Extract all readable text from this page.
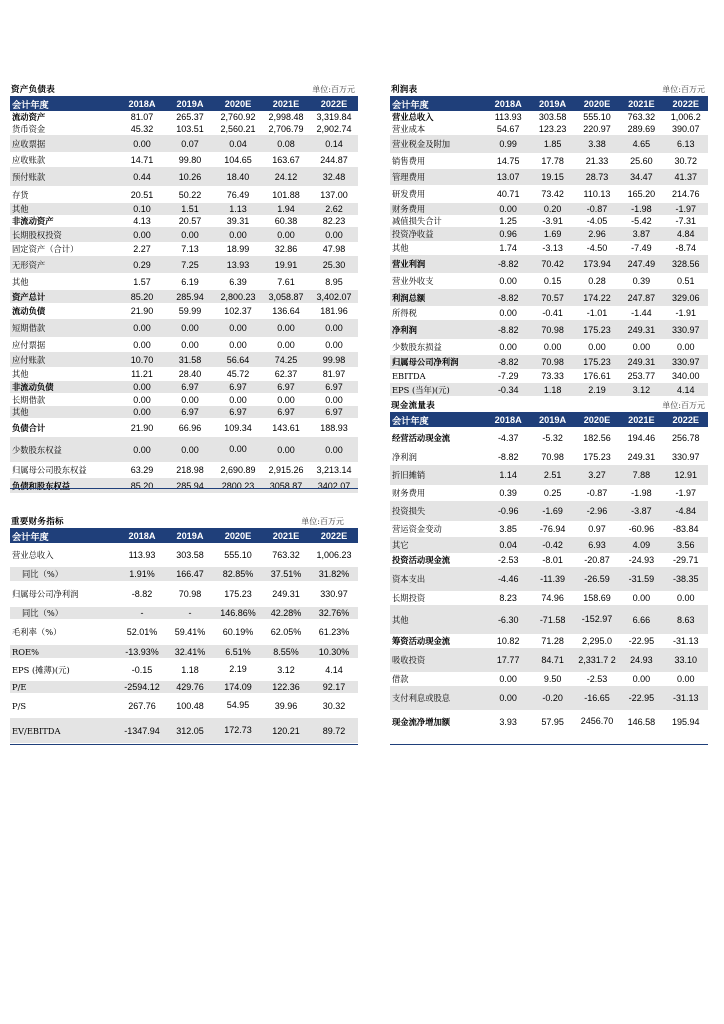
资产负债表	单位:百万元
会计年度	2018A	2019A	2020E	2021E	2022E
流动资产	81.07	265.37	2,760.92	2,998.48	3,319.84
货币资金	45.32	103.51	2,560.21	2,706.79	2,902.74
应收票据	0.00	0.07	0.04	0.08	0.14
应收账款	14.71	99.80	104.65	163.67	244.87
预付账款	0.44	10.26	18.40	24.12	32.48
存货	20.51	50.22	76.49	101.88	137.00
其他	0.10	1.51	1.13	1.94	2.62
非流动资产	4.13	20.57	39.31	60.38	82.23
长期股权投资	0.00	0.00	0.00	0.00	0.00
固定资产（合计）	2.27	7.13	18.99	32.86	47.98
无形资产	0.29	7.25	13.93	19.91	25.30
其他	1.57	6.19	6.39	7.61	8.95
资产总计	85.20	285.94	2,800.23	3,058.87	3,402.07
流动负债	21.90	59.99	102.37	136.64	181.96
短期借款	0.00	0.00	0.00	0.00	0.00
应付票据	0.00	0.00	0.00	0.00	0.00
应付账款	10.70	31.58	56.64	74.25	99.98
其他	11.21	28.40	45.72	62.37	81.97
非流动负债	0.00	6.97	6.97	6.97	6.97
长期借款	0.00	0.00	0.00	0.00	0.00
其他	0.00	6.97	6.97	6.97	6.97
负债合计	21.90	66.96	109.34	143.61	188.93
少数股东权益	0.00	0.00	0.00	0.00	0.00
归属母公司股东权益	63.29	218.98	2,690.89	2,915.26	3,213.14
负债和股东权益	85.20	285.94	2800.23	3058.87	3402.07
利润表	单位:百万元
会计年度	2018A	2019A	2020E	2021E	2022E
营业总收入	113.93	303.58	555.10	763.32	1,006.2
营业成本	54.67	123.23	220.97	289.69	390.07
营业税金及附加	0.99	1.85	3.38	4.65	6.13
销售费用	14.75	17.78	21.33	25.60	30.72
管理费用	13.07	19.15	28.73	34.47	41.37
研发费用	40.71	73.42	110.13	165.20	214.76
财务费用	0.00	0.20	-0.87	-1.98	-1.97
减值损失合计	1.25	-3.91	-4.05	-5.42	-7.31
投资净收益	0.96	1.69	2.96	3.87	4.84
其他	1.74	-3.13	-4.50	-7.49	-8.74
营业利润	-8.82	70.42	173.94	247.49	328.56
营业外收支	0.00	0.15	0.28	0.39	0.51
利润总额	-8.82	70.57	174.22	247.87	329.06
所得税	0.00	-0.41	-1.01	-1.44	-1.91
净利润	-8.82	70.98	175.23	249.31	330.97
少数股东损益	0.00	0.00	0.00	0.00	0.00
归属母公司净利润	-8.82	70.98	175.23	249.31	330.97
EBITDA	-7.29	73.33	176.61	253.77	340.00
EPS (当年)(元)	-0.34	1.18	2.19	3.12	4.14
现金流量表	单位:百万元
会计年度	2018A	2019A	2020E	2021E	2022E
经营活动现金流	-4.37	-5.32	182.56	194.46	256.78
净利润	-8.82	70.98	175.23	249.31	330.97
折旧摊销	1.14	2.51	3.27	7.88	12.91
财务费用	0.39	0.25	-0.87	-1.98	-1.97
投资损失	-0.96	-1.69	-2.96	-3.87	-4.84
营运资金变动	3.85	-76.94	0.97	-60.96	-83.84
其它	0.04	-0.42	6.93	4.09	3.56
投资活动现金流	-2.53	-8.01	-20.87	-24.93	-29.71
资本支出	-4.46	-11.39	-26.59	-31.59	-38.35
长期投资	8.23	74.96	158.69	0.00	0.00
其他	-6.30	-71.58	-152.97	6.66	8.63
筹资活动现金流	10.82	71.28	2,295.0	-22.95	-31.13
吸收投资	17.77	84.71	2,331.7 2	24.93	33.10
借款	0.00	9.50	-2.53	0.00	0.00
支付利息或股息	0.00	-0.20	-16.65	-22.95	-31.13
现金流净增加额	3.93	57.95	2456.70	146.58	195.94
重要财务指标	单位:百万元
会计年度	2018A	2019A	2020E	2021E	2022E
营业总收入	113.93	303.58	555.10	763.32	1,006.23
同比（%）	1.91%	166.47	82.85%	37.51%	31.82%
归属母公司净利润	-8.82	70.98	175.23	249.31	330.97
同比（%）	-	-	146.86%	42.28%	32.76%
毛利率（%）	52.01%	59.41%	60.19%	62.05%	61.23%
ROE%	-13.93%	32.41%	6.51%	8.55%	10.30%
EPS (摊薄)(元)	-0.15	1.18	2.19	3.12	4.14
P/E	-2594.12	429.76	174.09	122.36	92.17
P/S	267.76	100.48	54.95	39.96	30.32
EV/EBITDA	-1347.94	312.05	172.73	120.21	89.72
